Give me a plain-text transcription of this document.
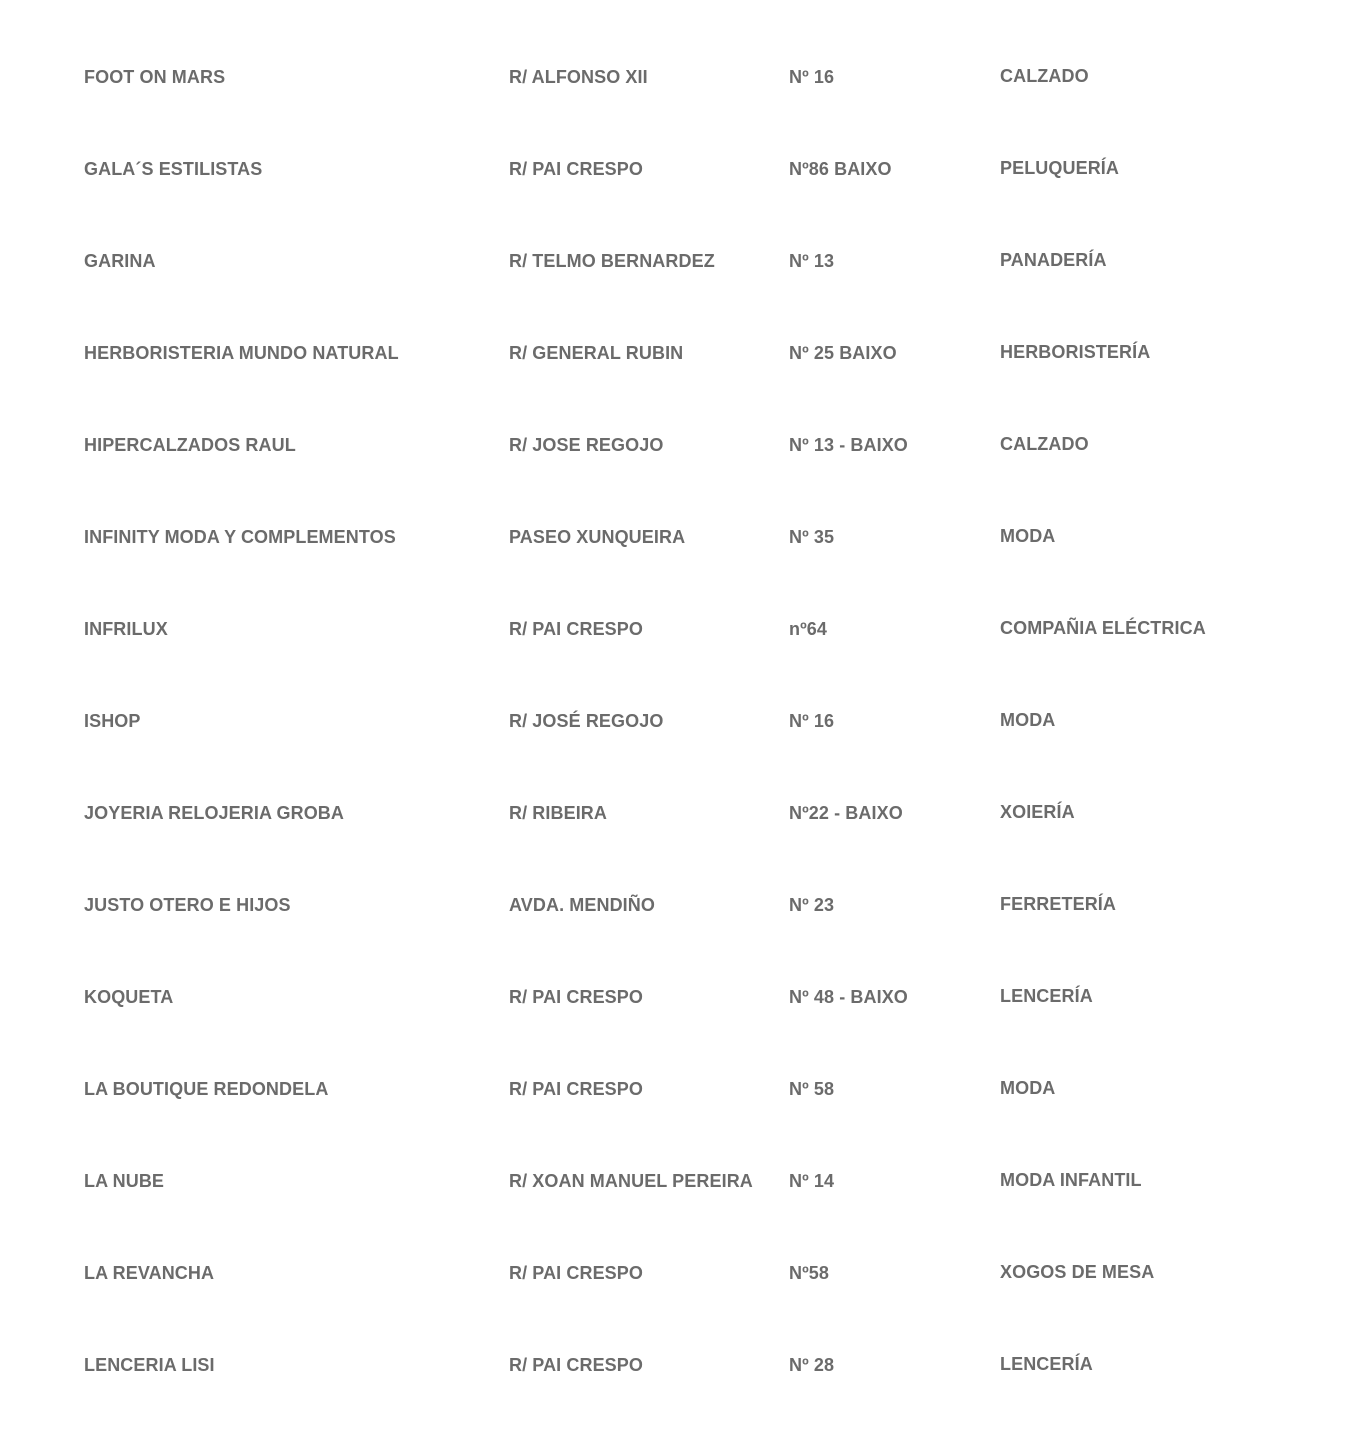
FOOT ON MARS	R/ ALFONSO XII	Nº 16	CALZADO
GALA´S ESTILISTAS	R/ PAI CRESPO	Nº86 BAIXO	PELUQUERÍA
GARINA	R/ TELMO BERNARDEZ	Nº 13	PANADERÍA
HERBORISTERIA MUNDO NATURAL	R/ GENERAL RUBIN	Nº 25 BAIXO	HERBORISTERÍA
HIPERCALZADOS RAUL	R/ JOSE REGOJO	Nº 13 - BAIXO	CALZADO
INFINITY MODA Y COMPLEMENTOS	PASEO XUNQUEIRA	Nº 35	MODA
INFRILUX	R/ PAI CRESPO	nº64	COMPAÑIA ELÉCTRICA
ISHOP	R/ JOSÉ REGOJO	Nº 16	MODA
JOYERIA RELOJERIA GROBA	R/ RIBEIRA	Nº22 - BAIXO	XOIERÍA
JUSTO OTERO E HIJOS	AVDA. MENDIÑO	Nº 23	FERRETERÍA
KOQUETA	R/ PAI CRESPO	Nº 48 - BAIXO	LENCERÍA
LA BOUTIQUE REDONDELA	R/ PAI CRESPO	Nº 58	MODA
LA NUBE	R/ XOAN MANUEL PEREIRA Nº 14	MODA INFANTIL
LA REVANCHA	R/ PAI CRESPO	Nº58	XOGOS DE MESA
LENCERIA LISI	R/ PAI CRESPO	Nº 28	LENCERÍA
